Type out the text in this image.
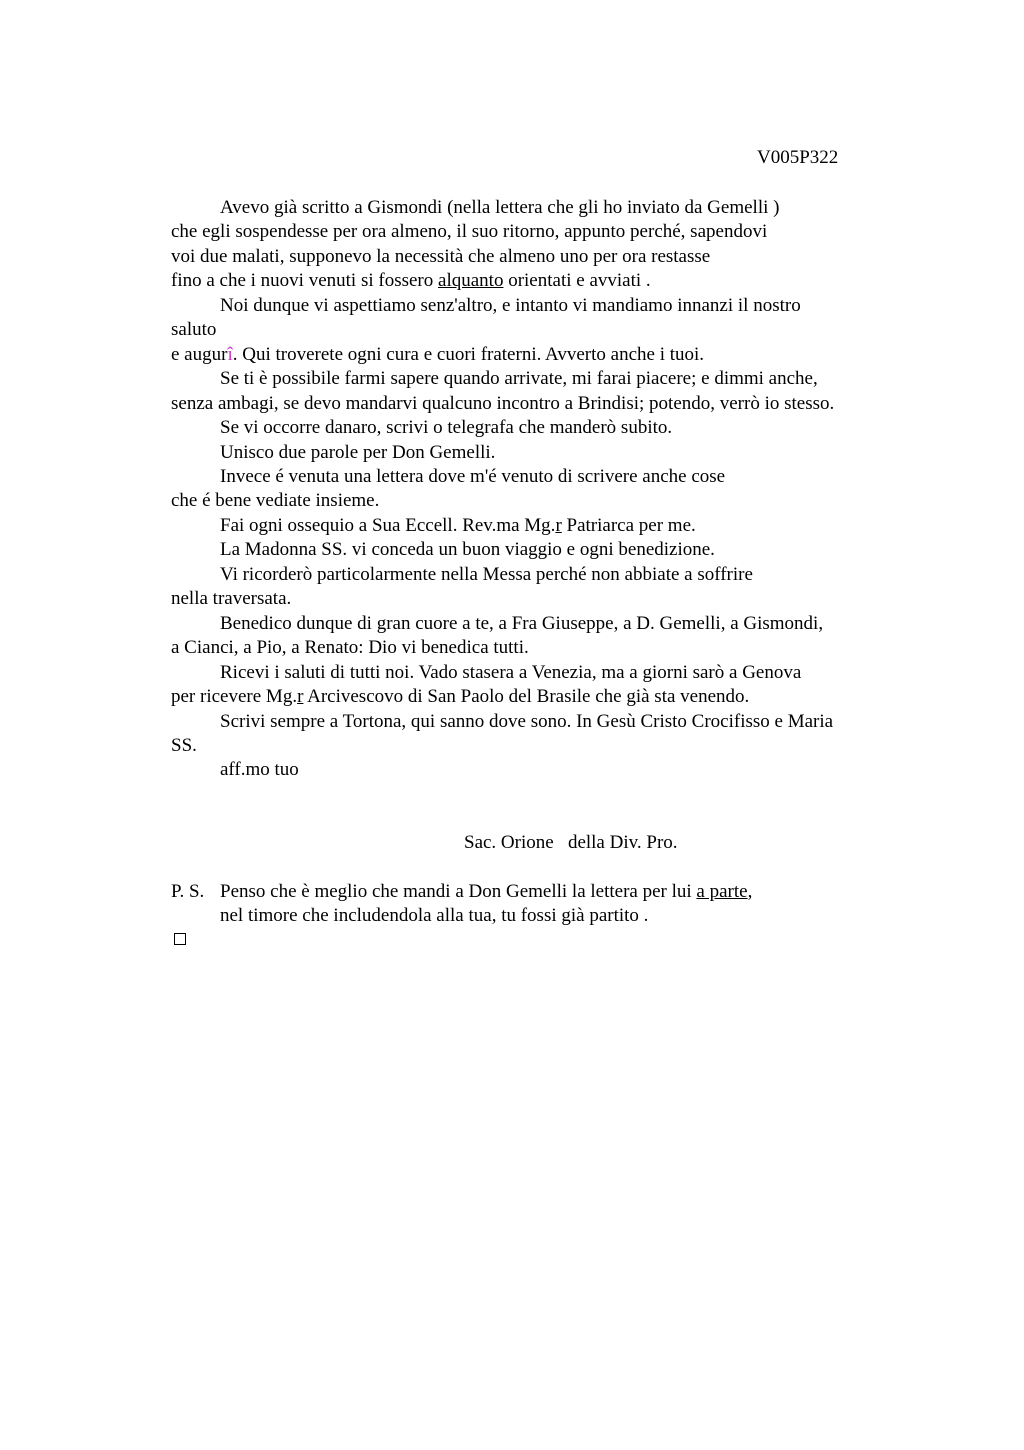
V005P322
Avevo già scritto a Gismondi (nella lettera che gli ho inviato da Gemelli )
che egli sospendesse per ora almeno, il suo ritorno, appunto perché, sapendovi
voi due malati, supponevo la necessità che almeno uno per ora restasse
fino a che i nuovi venuti si fossero alquanto orientati e avviati .
Noi dunque vi aspettiamo senz'altro, e intanto vi mandiamo innanzi il nostro
saluto
e augurî. Qui troverete ogni cura e cuori fraterni. Avverto anche i tuoi.
Se ti è possibile farmi sapere quando arrivate, mi farai piacere; e dimmi anche,
senza ambagi, se devo mandarvi qualcuno incontro a Brindisi; potendo, verrò io stesso.
Se vi occorre danaro, scrivi o telegrafa che manderò subito.
Unisco due parole per Don Gemelli.
Invece é venuta una lettera dove m'é venuto di scrivere anche cose
che é bene vediate insieme.
Fai ogni ossequio a Sua Eccell. Rev.ma Mg.r Patriarca per me.
La Madonna SS. vi conceda un buon viaggio e ogni benedizione.
Vi ricorderò particolarmente nella Messa perché non abbiate a soffrire
nella traversata.
Benedico dunque di gran cuore a te, a Fra Giuseppe, a D. Gemelli, a Gismondi,
a Cianci, a Pio, a Renato: Dio vi benedica tutti.
Ricevi i saluti di tutti noi. Vado stasera a Venezia, ma a giorni sarò a Genova
per ricevere Mg.r Arcivescovo di San Paolo del Brasile che già sta venendo.
Scrivi sempre a Tortona, qui sanno dove sono. In Gesù Cristo Crocifisso e Maria
SS.
aff.mo tuo
Sac. Orione   della Div. Pro.
P. S. Penso che è meglio che mandi a Don Gemelli la lettera per lui a parte ,
nel timore che includendola alla tua, tu fossi già partito .
